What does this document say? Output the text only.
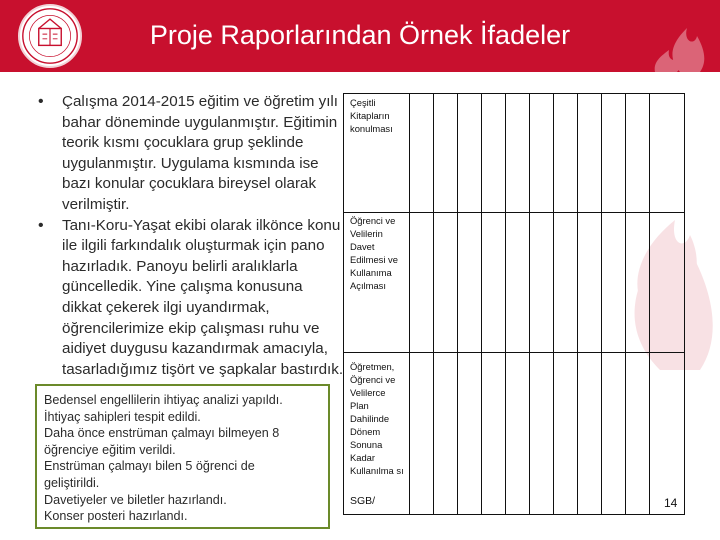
Proje Raporlarından Örnek İfadeler
• Çalışma 2014-2015 eğitim ve öğretim yılı bahar döneminde uygulanmıştır. Eğitimin teorik kısmı çocuklara grup şeklinde uygulanmıştır. Uygulama kısmında ise bazı konular çocuklara bireysel olarak verilmiştir.
• Tanı-Koru-Yaşat ekibi olarak ilkönce konu ile ilgili farkındalık oluşturmak için pano hazırladık. Panoyu belirli aralıklarla güncelledik. Yine çalışma konusuna dikkat çekerek ilgi uyandırmak, öğrencilerimize ekip çalışması ruhu ve aidiyet duygusu kazandırmak amacıyla, tasarladığımız tişört ve şapkalar bastırdık.
Bedensel engellilerin ihtiyaç analizi yapıldı.
İhtiyaç sahipleri tespit edildi.
Daha önce enstrüman çalmayı bilmeyen 8
öğrenciye eğitim verildi.
Enstrüman çalmayı bilen 5 öğrenci de
geliştirildi.
Davetiyeler ve biletler hazırlandı.
Konser posteri hazırlandı.
Çeşitli Kitapların konulması
Öğrenci ve Velilerin Davet Edilmesi ve Kullanıma Açılması
Öğretmen, Öğrenci ve Velilerce Plan Dahilinde Dönem Sonuna Kadar Kullanılma sı
SGB/	14
